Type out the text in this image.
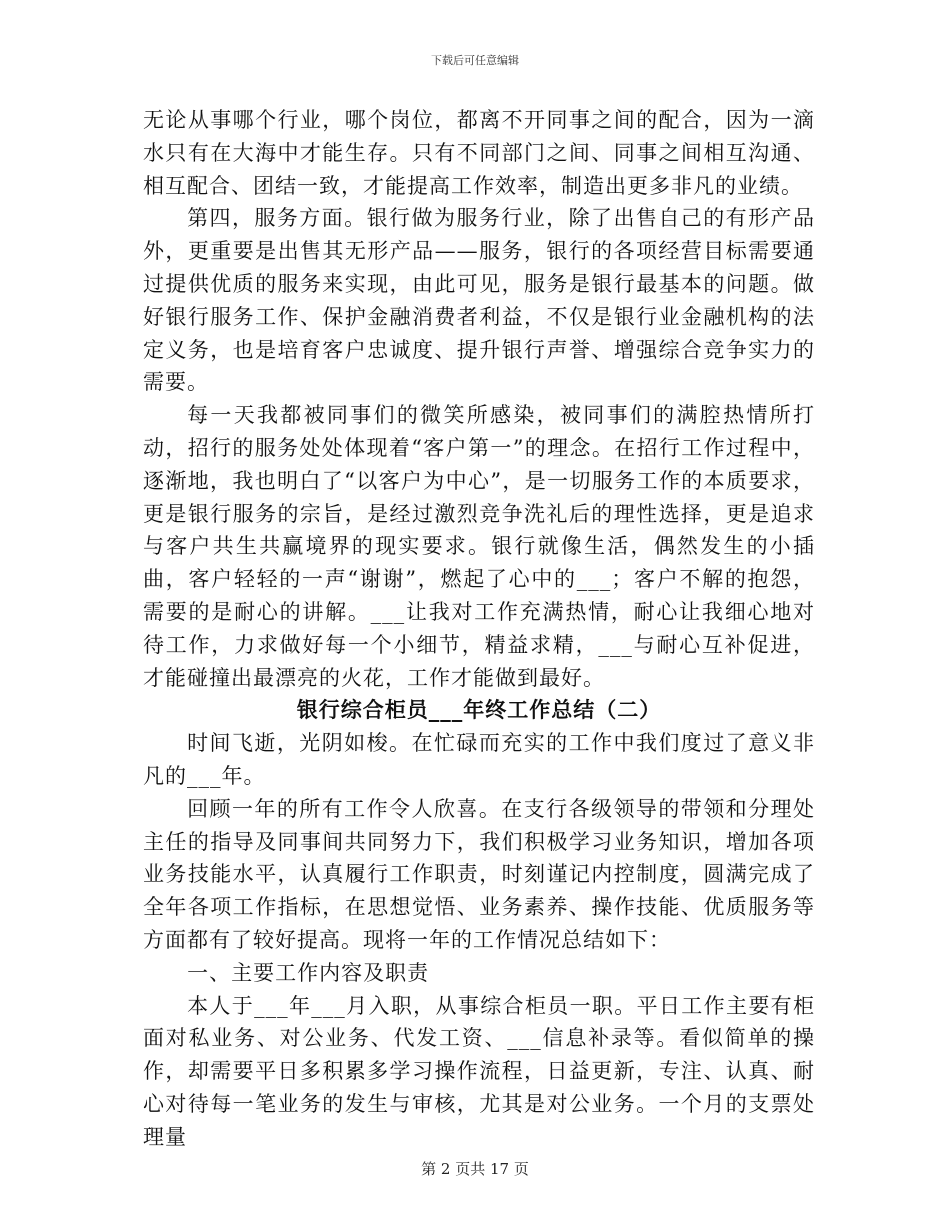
下载后可任意编辑

无论从事哪个行业，哪个岗位，都离不开同事之间的配合，因为一滴水只有在大海中才能生存。只有不同部门之间、同事之间相互沟通、相互配合、团结一致，才能提高工作效率，制造出更多非凡的业绩。

第四，服务方面。银行做为服务行业，除了出售自己的有形产品外，更重要是出售其无形产品——服务，银行的各项经营目标需要通过提供优质的服务来实现，由此可见，服务是银行最基本的问题。做好银行服务工作、保护金融消费者利益，不仅是银行业金融机构的法定义务，也是培育客户忠诚度、提升银行声誉、增强综合竞争实力的需要。

每一天我都被同事们的微笑所感染，被同事们的满腔热情所打动，招行的服务处处体现着“客户第一”的理念。在招行工作过程中，逐渐地，我也明白了“以客户为中心”，是一切服务工作的本质要求，更是银行服务的宗旨，是经过激烈竞争洗礼后的理性选择，更是追求与客户共生共赢境界的现实要求。银行就像生活，偶然发生的小插曲，客户轻轻的一声“谢谢”，燃起了心中的___；客户不解的抱怨，需要的是耐心的讲解。___让我对工作充满热情，耐心让我细心地对待工作，力求做好每一个小细节，精益求精，___与耐心互补促进，才能碰撞出最漂亮的火花，工作才能做到最好。

银行综合柜员___年终工作总结（二）

时间飞逝，光阴如梭。在忙碌而充实的工作中我们度过了意义非凡的___年。

回顾一年的所有工作令人欣喜。在支行各级领导的带领和分理处主任的指导及同事间共同努力下，我们积极学习业务知识，增加各项业务技能水平，认真履行工作职责，时刻谨记内控制度，圆满完成了全年各项工作指标，在思想觉悟、业务素养、操作技能、优质服务等方面都有了较好提高。现将一年的工作情况总结如下：

一、主要工作内容及职责

本人于___年___月入职，从事综合柜员一职。平日工作主要有柜面对私业务、对公业务、代发工资、___信息补录等。看似简单的操作，却需要平日多积累多学习操作流程，日益更新，专注、认真、耐心对待每一笔业务的发生与审核，尤其是对公业务。一个月的支票处理量

第 2 页共 17 页
